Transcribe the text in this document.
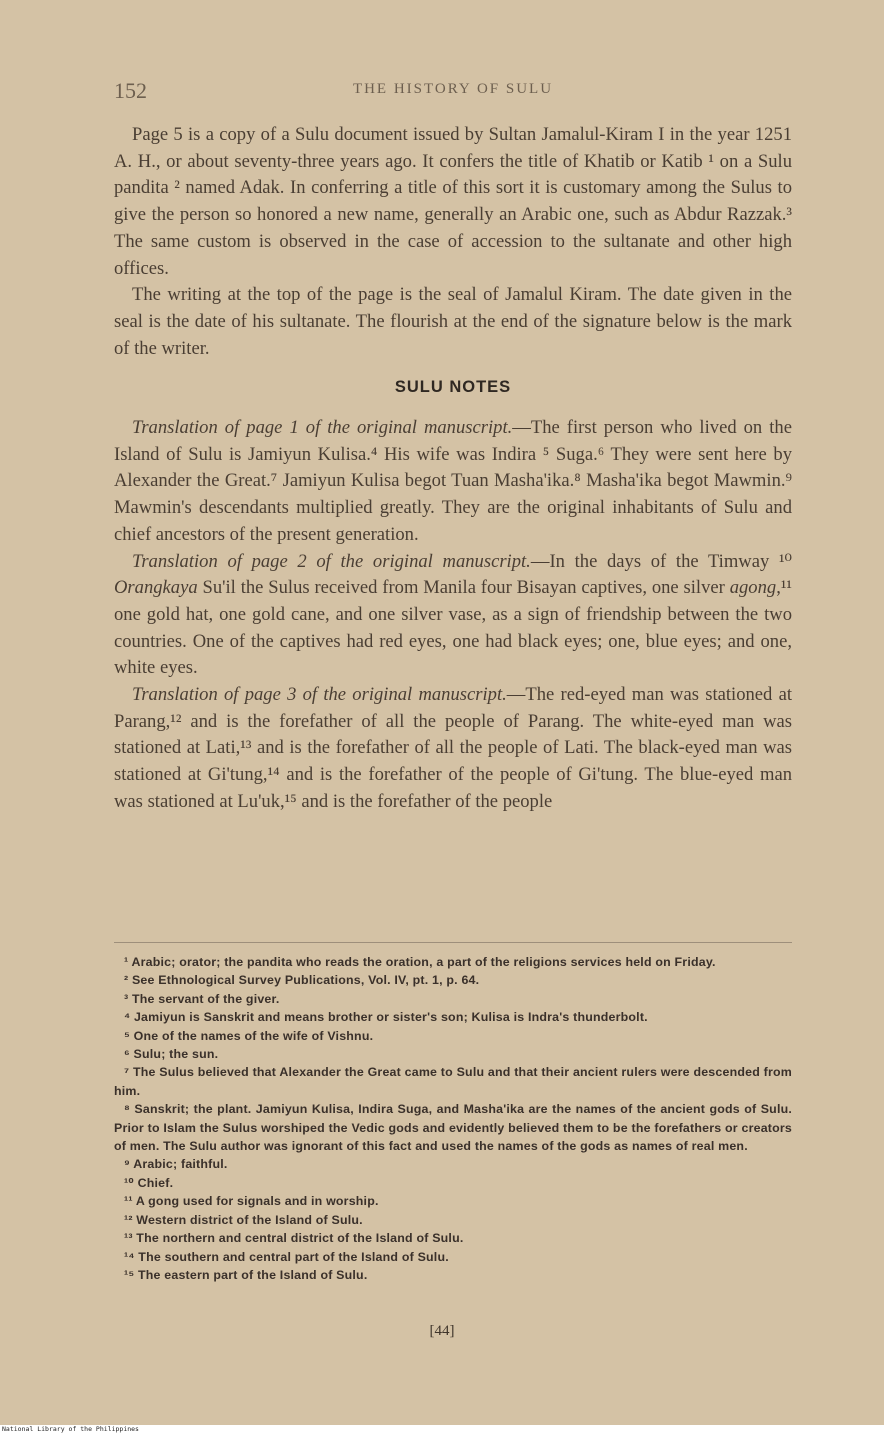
152	THE HISTORY OF SULU

Page 5 is a copy of a Sulu document issued by Sultan Jamalul-Kiram I in the year 1251 A. H., or about seventy-three years ago. It confers the title of Khatib or Katib ¹ on a Sulu pandita ² named Adak. In conferring a title of this sort it is customary among the Sulus to give the person so honored a new name, generally an Arabic one, such as Abdur Razzak.³ The same custom is observed in the case of accession to the sultanate and other high offices.

The writing at the top of the page is the seal of Jamalul Kiram. The date given in the seal is the date of his sultanate. The flourish at the end of the signature below is the mark of the writer.

SULU NOTES

Translation of page 1 of the original manuscript.—The first person who lived on the Island of Sulu is Jamiyun Kulisa.⁴ His wife was Indira ⁵ Suga.⁶ They were sent here by Alexander the Great.⁷ Jamiyun Kulisa begot Tuan Masha'ika.⁸ Masha'ika begot Mawmin.⁹ Mawmin's descendants multiplied greatly. They are the original inhabitants of Sulu and chief ancestors of the present generation.

Translation of page 2 of the original manuscript.—In the days of the Timway ¹⁰ Orangkaya Su'il the Sulus received from Manila four Bisayan captives, one silver agong,¹¹ one gold hat, one gold cane, and one silver vase, as a sign of friendship between the two countries. One of the captives had red eyes, one had black eyes; one, blue eyes; and one, white eyes.

Translation of page 3 of the original manuscript.—The red-eyed man was stationed at Parang,¹² and is the forefather of all the people of Parang. The white-eyed man was stationed at Lati,¹³ and is the forefather of all the people of Lati. The black-eyed man was stationed at Gi'tung,¹⁴ and is the forefather of the people of Gi'tung. The blue-eyed man was stationed at Lu'uk,¹⁵ and is the forefather of the people

¹ Arabic; orator; the pandita who reads the oration, a part of the religions services held on Friday.

² See Ethnological Survey Publications, Vol. IV, pt. 1, p. 64.

³ The servant of the giver.

⁴ Jamiyun is Sanskrit and means brother or sister's son; Kulisa is Indra's thunderbolt.

⁵ One of the names of the wife of Vishnu.

⁶ Sulu; the sun.

⁷ The Sulus believed that Alexander the Great came to Sulu and that their ancient rulers were descended from him.

⁸ Sanskrit; the plant. Jamiyun Kulisa, Indira Suga, and Masha'ika are the names of the ancient gods of Sulu. Prior to Islam the Sulus worshiped the Vedic gods and evidently believed them to be the forefathers or creators of men. The Sulu author was ignorant of this fact and used the names of the gods as names of real men.

⁹ Arabic; faithful.

¹⁰ Chief.

¹¹ A gong used for signals and in worship.

¹² Western district of the Island of Sulu.

¹³ The northern and central district of the Island of Sulu.

¹⁴ The southern and central part of the Island of Sulu.

¹⁵ The eastern part of the Island of Sulu.

[44]
National Library of the Philippines
